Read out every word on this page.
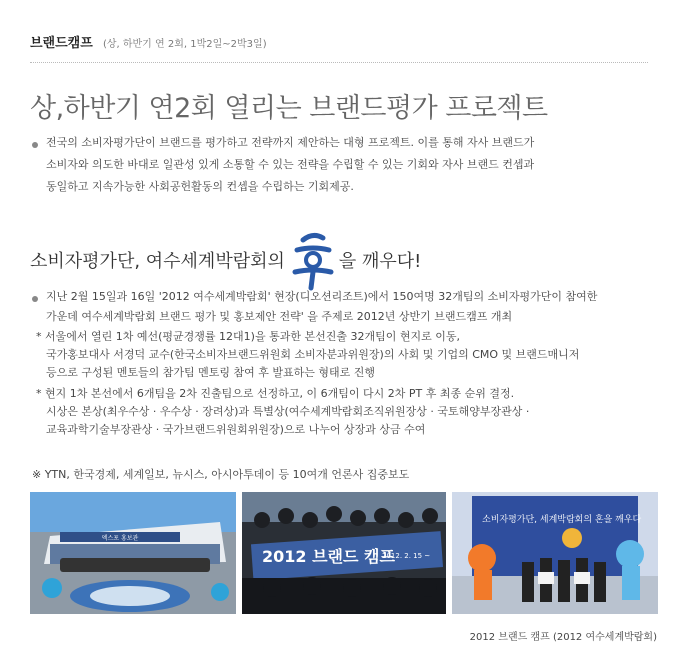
브랜드캠프 (상, 하반기 연 2회, 1박2일~2박3일)
상,하반기 연2회 열리는 브랜드평가 프로젝트
전국의 소비자평가단이 브랜드를 평가하고 전략까지 제안하는 대형 프로젝트. 이를 통해 자사 브랜드가
소비자와 의도한 바대로 일관성 있게 소통할 수 있는 전략을 수립할 수 있는 기회와 자사 브랜드 컨셉과
동일하고 지속가능한 사회공헌활동의 컨셉을 수립하는 기회제공.
소비자평가단, 여수세계박람회의	을 깨우다!
지난 2월 15일과 16일 '2012 여수세계박람회' 현장(디오션리조트)에서 150여명 32개팀의 소비자평가단이 참여한
가운데 여수세계박람회 브랜드 평가 및 홍보제안 전략' 을 주제로 2012년 상반기 브랜드캠프 개최
* 서울에서 열린 1차 예선(평균경쟁률 12대1)을 통과한 본선진출 32개팀이 현지로 이동,
국가홍보대사 서경덕 교수(한국소비자브랜드위원회 소비자분과위원장)의 사회 및 기업의 CMO 및 브랜드매니저
등으로 구성된 멘토들의 참가팀 멘토링 참여 후 발표하는 형태로 진행
* 현지 1차 본선에서 6개팀을 2차 진출팀으로 선정하고, 이 6개팀이 다시 2차 PT 후 최종 순위 결정.
시상은 본상(최우수상 · 우수상 · 장려상)과 특별상(여수세계박람회조직위원장상 · 국토해양부장관상 ·
교육과학기술부장관상 · 국가브랜드위원회위원장)으로 나누어 상장과 상금 수여
※ YTN, 한국경제, 세계일보, 뉴시스, 아시아투데이 등 10여개 언론사 집중보도
엑스포 홍보관
2012 브랜드 캠프
2012. 2. 15 ~
소비자평가단, 세계박람회의 혼을 깨우다
2012 브랜드 캠프 (2012 여수세계박람회)
